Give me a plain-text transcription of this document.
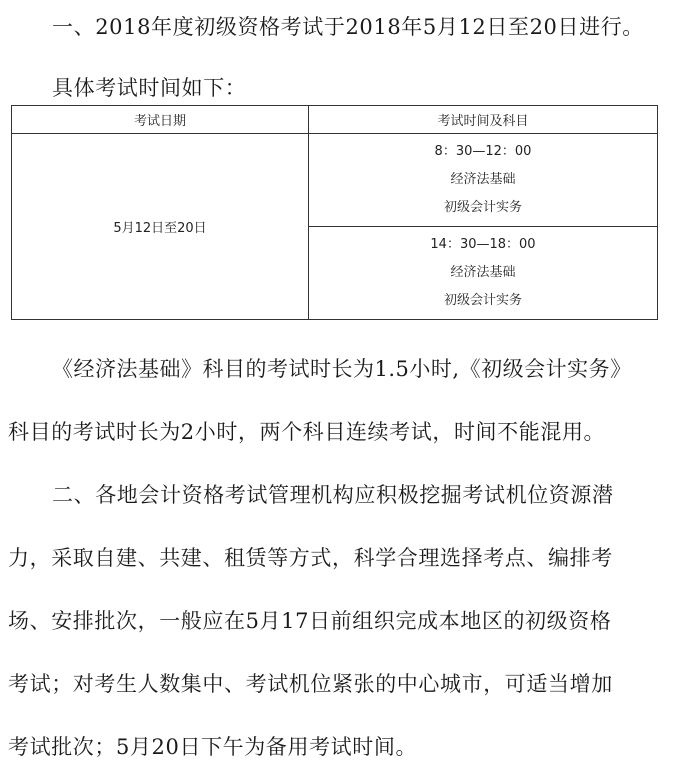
一、2018年度初级资格考试于2018年5月12日至20日进行。
具体考试时间如下：
考试日期	考试时间及科目
5月12日至20日	8：30—12：00
经济法基础
初级会计实务

	14：30—18：00
经济法基础
初级会计实务
《经济法基础》科目的考试时长为1.5小时,《初级会计实务》
科目的考试时长为2小时，两个科目连续考试，时间不能混用。
二、各地会计资格考试管理机构应积极挖掘考试机位资源潜
力，采取自建、共建、租赁等方式，科学合理选择考点、编排考
场、安排批次，一般应在5月17日前组织完成本地区的初级资格
考试；对考生人数集中、考试机位紧张的中心城市，可适当增加
考试批次；5月20日下午为备用考试时间。
